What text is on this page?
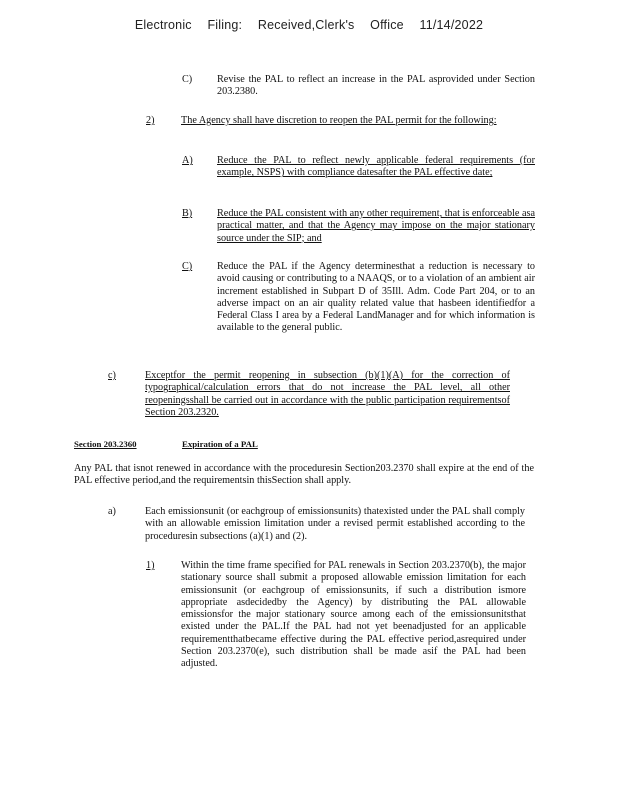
Electronic Filing: Received,Clerk's Office 11/14/2022
C) Revise the PAL to reflect an increase in the PAL asprovided under Section 203.2380.
2)	The Agency shall have discretion to reopen the PAL permit for the following:
A) Reduce the PAL to reflect newly applicable federal requirements (for example, NSPS) with compliance datesafter the PAL effective date;
B) Reduce the PAL consistent with any other requirement, that is enforceable asa practical matter, and that the Agency may impose on the major stationary source under the SIP; and
C) Reduce the PAL if the Agency determinesthat a reduction is necessary to avoid causing or contributing to a NAAQS, or to a violation of an ambient air increment established in Subpart D of 35Ill. Adm. Code Part 204, or to an adverse impact on an air quality related value that hasbeen identifiedfor a Federal Class I area by a Federal LandManager and for which information is available to the general public.
c)	Exceptfor the permit reopening in subsection (b)(1)(A) for the correction of typographical/calculation errors that do not increase the PAL level, all other reopeningsshall be carried out in accordance with the public participation requirementsof Section 203.2320.
Section 203.2360	Expiration of a PAL
Any PAL that isnot renewed in accordance with the proceduresin Section203.2370 shall expire at the end of the PAL effective period,and the requirementsin thisSection shall apply.
a)	Each emissionsunit (or eachgroup of emissionsunits) thatexisted under the PAL shall comply with an allowable emission limitation under a revised permit established according to the proceduresin subsections (a)(1) and (2).
1)	Within the time frame specified for PAL renewals in Section 203.2370(b), the major stationary source shall submit a proposed allowable emission limitation for each emissionsunit (or eachgroup of emissionsunits, if such a distribution ismore appropriate asdecidedby the Agency) by distributing the PAL allowable emissionsfor the major stationary source among each of the emissionsunitsthat existed under the PAL.If the PAL had not yet beenadjusted for an applicable requirementthatbecame effective during the PAL effective period,asrequired under Section 203.2370(e), such distribution shall be made asif the PAL had been adjusted.
